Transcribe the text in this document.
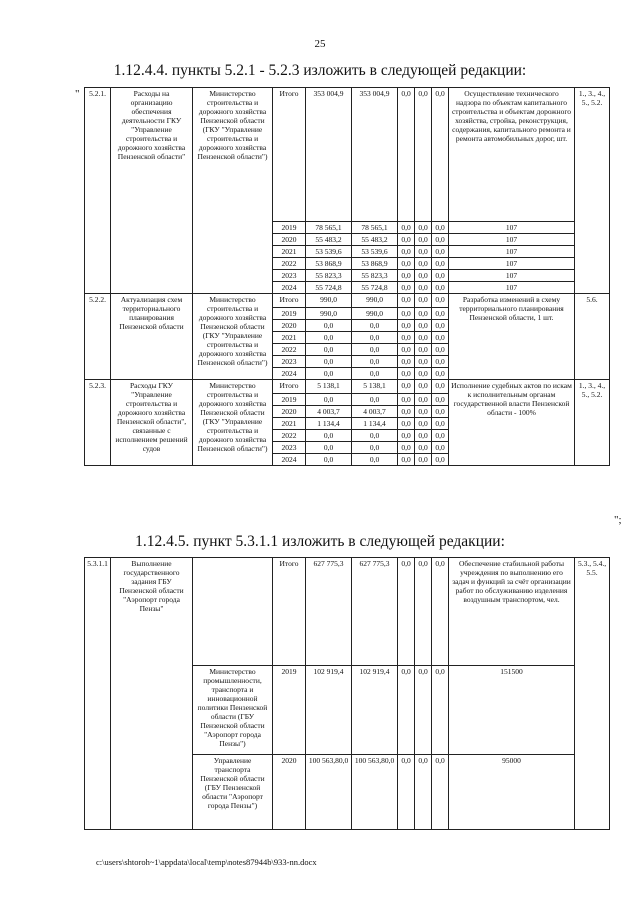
25
1.12.4.4. пункты 5.2.1 - 5.2.3 изложить в следующей редакции:
" 5.2.1.	Расходы на организацию обеспечения деятельности ГКУ "Управление строительства и дорожного хозяйства Пензенской области"	Министерство строительства и дорожного хозяйства Пензенской области (ГКУ "Управление строительства и дорожного хозяйства Пензенской области")	Итого	353 004,9	353 004,9	0,0	0,0	0,0	Осуществление технического надзора по объектам капитального строительства и объектам дорожного хозяйства, стройка, реконструкция, содержания, капитального ремонта и ремонта автомобильных дорог, шт.	1., 3., 4., 5., 5.2.
			2019	78 565,1	78 565,1	0,0	0,0	0,0	107	
			2020	55 483,2	55 483,2	0,0	0,0	0,0	107	
			2021	53 539,6	53 539,6	0,0	0,0	0,0	107	
			2022	53 868,9	53 868,9	0,0	0,0	0,0	107	
			2023	55 823,3	55 823,3	0,0	0,0	0,0	107	
			2024	55 724,8	55 724,8	0,0	0,0	0,0	107	
5.2.2.	Актуализация схем территориального планирования Пензенской области	Министерство строительства и дорожного хозяйства Пензенской области (ГКУ "Управление строительства и дорожного хозяйства Пензенской области")	Итого	990,0	990,0	0,0	0,0	0,0	Разработка изменений в схему территориального планирования Пензенской области, 1 шт.	5.6.
			2019	990,0	990,0	0,0	0,0	0,0		
			2020	0,0	0,0	0,0	0,0	0,0		
			2021	0,0	0,0	0,0	0,0	0,0		
			2022	0,0	0,0	0,0	0,0	0,0		
			2023	0,0	0,0	0,0	0,0	0,0		
			2024	0,0	0,0	0,0	0,0	0,0		
5.2.3.	Расходы ГКУ "Управление строительства и дорожного хозяйства Пензенской области", связанные с исполнением решений судов	Министерство строительства и дорожного хозяйства Пензенской области (ГКУ "Управление строительства и дорожного хозяйства Пензенской области")	Итого	5 138,1	5 138,1	0,0	0,0	0,0	Исполнение судебных актов по искам к исполнительным органам государственной власти Пензенской области - 100%	1., 3., 4., 5., 5.2.
			2019	0,0	0,0	0,0	0,0	0,0		
			2020	4 003,7	4 003,7	0,0	0,0	0,0		
			2021	1 134,4	1 134,4	0,0	0,0	0,0		
			2022	0,0	0,0	0,0	0,0	0,0		
			2023	0,0	0,0	0,0	0,0	0,0		
			2024	0,0	0,0	0,0	0,0	0,0		
";
1.12.4.5. пункт 5.3.1.1 изложить в следующей редакции:
5.3.1.1	Выполнение государственного задания ГБУ Пензенской области "Аэропорт города Пензы"		Итого	627 775,3	627 775,3	0,0	0,0	0,0	Обеспечение стабильной работы учреждения по выполнению его задач и функций за счёт организации работ по обслуживанию изделения воздушным транспортом, чел.	5.3., 5.4., 5.5.
		Министерство промышленности, транспорта и инновационной политики Пензенской области (ГБУ Пензенской области "Аэропорт города Пензы")	2019	102 919,4	102 919,4	0,0	0,0	0,0	151500	
		Управление транспорта Пензенской области (ГБУ Пензенской области "Аэропорт города Пензы")	2020	100 563,80,0	100 563,80,0	0,0	0,0	0,0	95000	
c:\users\shtoroh~1\appdata\local\temp\notes87944b\933-nn.docx
